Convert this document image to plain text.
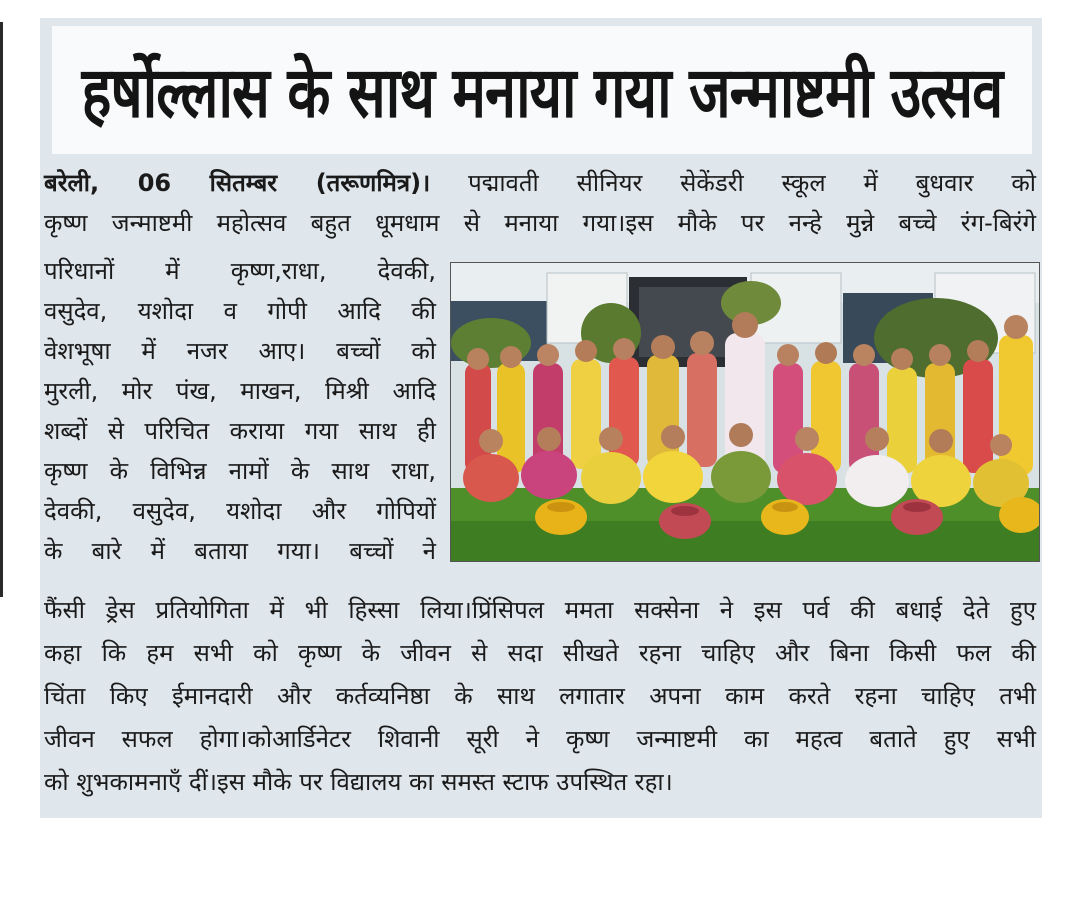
हर्षोल्लास के साथ मनाया गया जन्माष्टमी उत्सव
बरेली, 06 सितम्बर (तरूणमित्र)। पद्मावती सीनियर सेकेंडरी स्कूल में बुधवार को
कृष्ण जन्माष्टमी महोत्सव बहुत धूमधाम से मनाया गया।इस मौके पर नन्हे मुन्ने बच्चे रंग-बिरंगे
परिधानों में कृष्ण,राधा, देवकी,
वसुदेव, यशोदा व गोपी आदि की
वेशभूषा में नजर आए। बच्चों को
मुरली, मोर पंख, माखन, मिश्री आदि
शब्दों से परिचित कराया गया साथ ही
कृष्ण के विभिन्न नामों के साथ राधा,
देवकी, वसुदेव, यशोदा और गोपियों
के बारे में बताया गया। बच्चों ने
फैंसी ड्रेस प्रतियोगिता में भी हिस्सा लिया।प्रिंसिपल ममता सक्सेना ने इस पर्व की बधाई देते हुए
कहा कि हम सभी को कृष्ण के जीवन से सदा सीखते रहना चाहिए और बिना किसी फल की
चिंता किए ईमानदारी और कर्तव्यनिष्ठा के साथ लगातार अपना काम करते रहना चाहिए तभी
जीवन सफल होगा।कोआर्डिनेटर शिवानी सूरी ने कृष्ण जन्माष्टमी का महत्व बताते हुए सभी
को शुभकामनाएँ दीं।इस मौके पर विद्यालय का समस्त स्टाफ उपस्थित रहा।
